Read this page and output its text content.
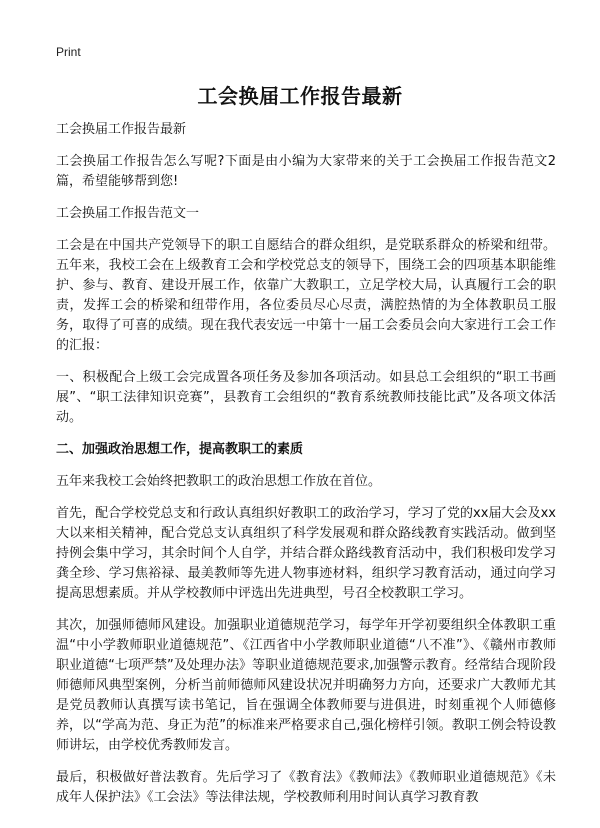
Print
工会换届工作报告最新

工会换届工作报告最新

工会换届工作报告怎么写呢?下面是由小编为大家带来的关于工会换届工作报告范文2篇，希望能够帮到您!

工会换届工作报告范文一

工会是在中国共产党领导下的职工自愿结合的群众组织，是党联系群众的桥梁和纽带。五年来，我校工会在上级教育工会和学校党总支的领导下，围绕工会的四项基本职能维护、参与、教育、建设开展工作，依靠广大教职工，立足学校大局，认真履行工会的职责，发挥工会的桥梁和纽带作用，各位委员尽心尽责，满腔热情的为全体教职员工服务，取得了可喜的成绩。现在我代表安远一中第十一届工会委员会向大家进行工会工作的汇报：

一、积极配合上级工会完成置各项任务及参加各项活动。如县总工会组织的“职工书画展”、“职工法律知识竞赛”，县教育工会组织的“教育系统教师技能比武”及各项文体活动。

二、加强政治思想工作，提高教职工的素质

五年来我校工会始终把教职工的政治思想工作放在首位。

首先，配合学校党总支和行政认真组织好教职工的政治学习，学习了党的xx届大会及xx大以来相关精神，配合党总支认真组织了科学发展观和群众路线教育实践活动。做到坚持例会集中学习，其余时间个人自学，并结合群众路线教育活动中，我们积极印发学习龚全珍、学习焦裕禄、最美教师等先进人物事迹材料，组织学习教育活动，通过向学习提高思想素质。并从学校教师中评选出先进典型，号召全校教职工学习。

其次，加强师德师风建设。加强职业道德规范学习，每学年开学初要组织全体教职工重温“中小学教师职业道德规范”、《江西省中小学教师职业道德“八不准”》、《赣州市教师职业道德“七项严禁”及处理办法》等职业道德规范要求,加强警示教育。经常结合现阶段师德师风典型案例，分析当前师德师风建设状况并明确努力方向，还要求广大教师尤其是党员教师认真撰写读书笔记，旨在强调全体教师要与进俱进，时刻重视个人师德修养，以“学高为范、身正为范”的标准来严格要求自己,强化榜样引领。教职工例会特设教师讲坛，由学校优秀教师发言。

最后，积极做好普法教育。先后学习了《教育法》《教师法》《教师职业道德规范》《未成年人保护法》《工会法》等法律法规，学校教师利用时间认真学习教育教
